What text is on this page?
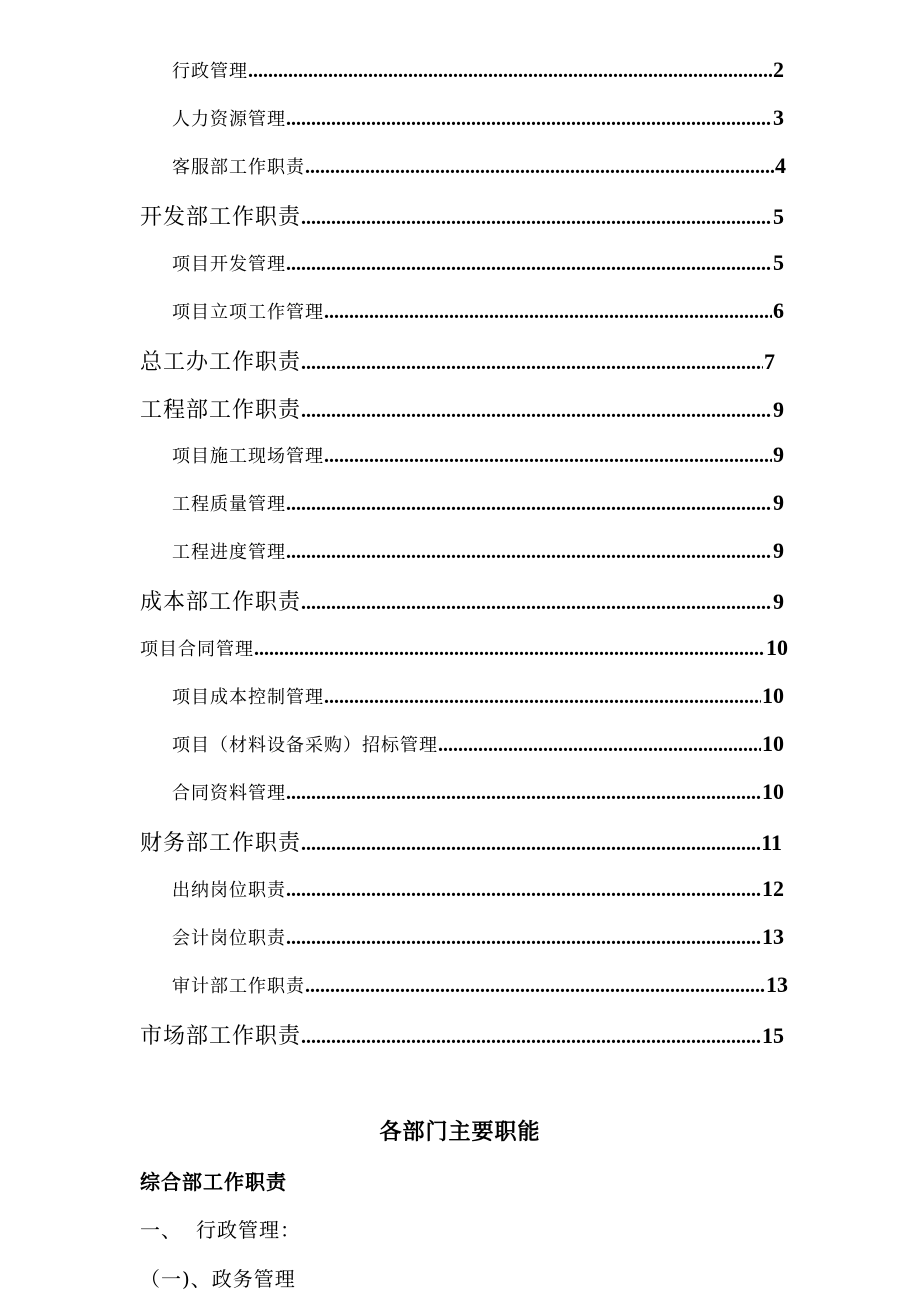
行政管理 .....	2
人力资源管理 .....	3
客服部工作职责 .....	4
开发部工作职责 .....	5
项目开发管理 .....	5
项目立项工作管理 .....	6
总工办工作职责 .....	7
工程部工作职责 .....	9
项目施工现场管理 .....	9
工程质量管理 .....	9
工程进度管理 .....	9
成本部工作职责 .....	9
项目合同管理 .....	10
项目成本控制管理 .....	10
项目（材料设备采购）招标管理 .....	10
合同资料管理 .....	10
财务部工作职责 .....	11
出纳岗位职责 .....	12
会计岗位职责 .....	13
审计部工作职责 .....	13
市场部工作职责 .....	15
各部门主要职能
综合部工作职责
一、 行政管理：
（一)、政务管理
